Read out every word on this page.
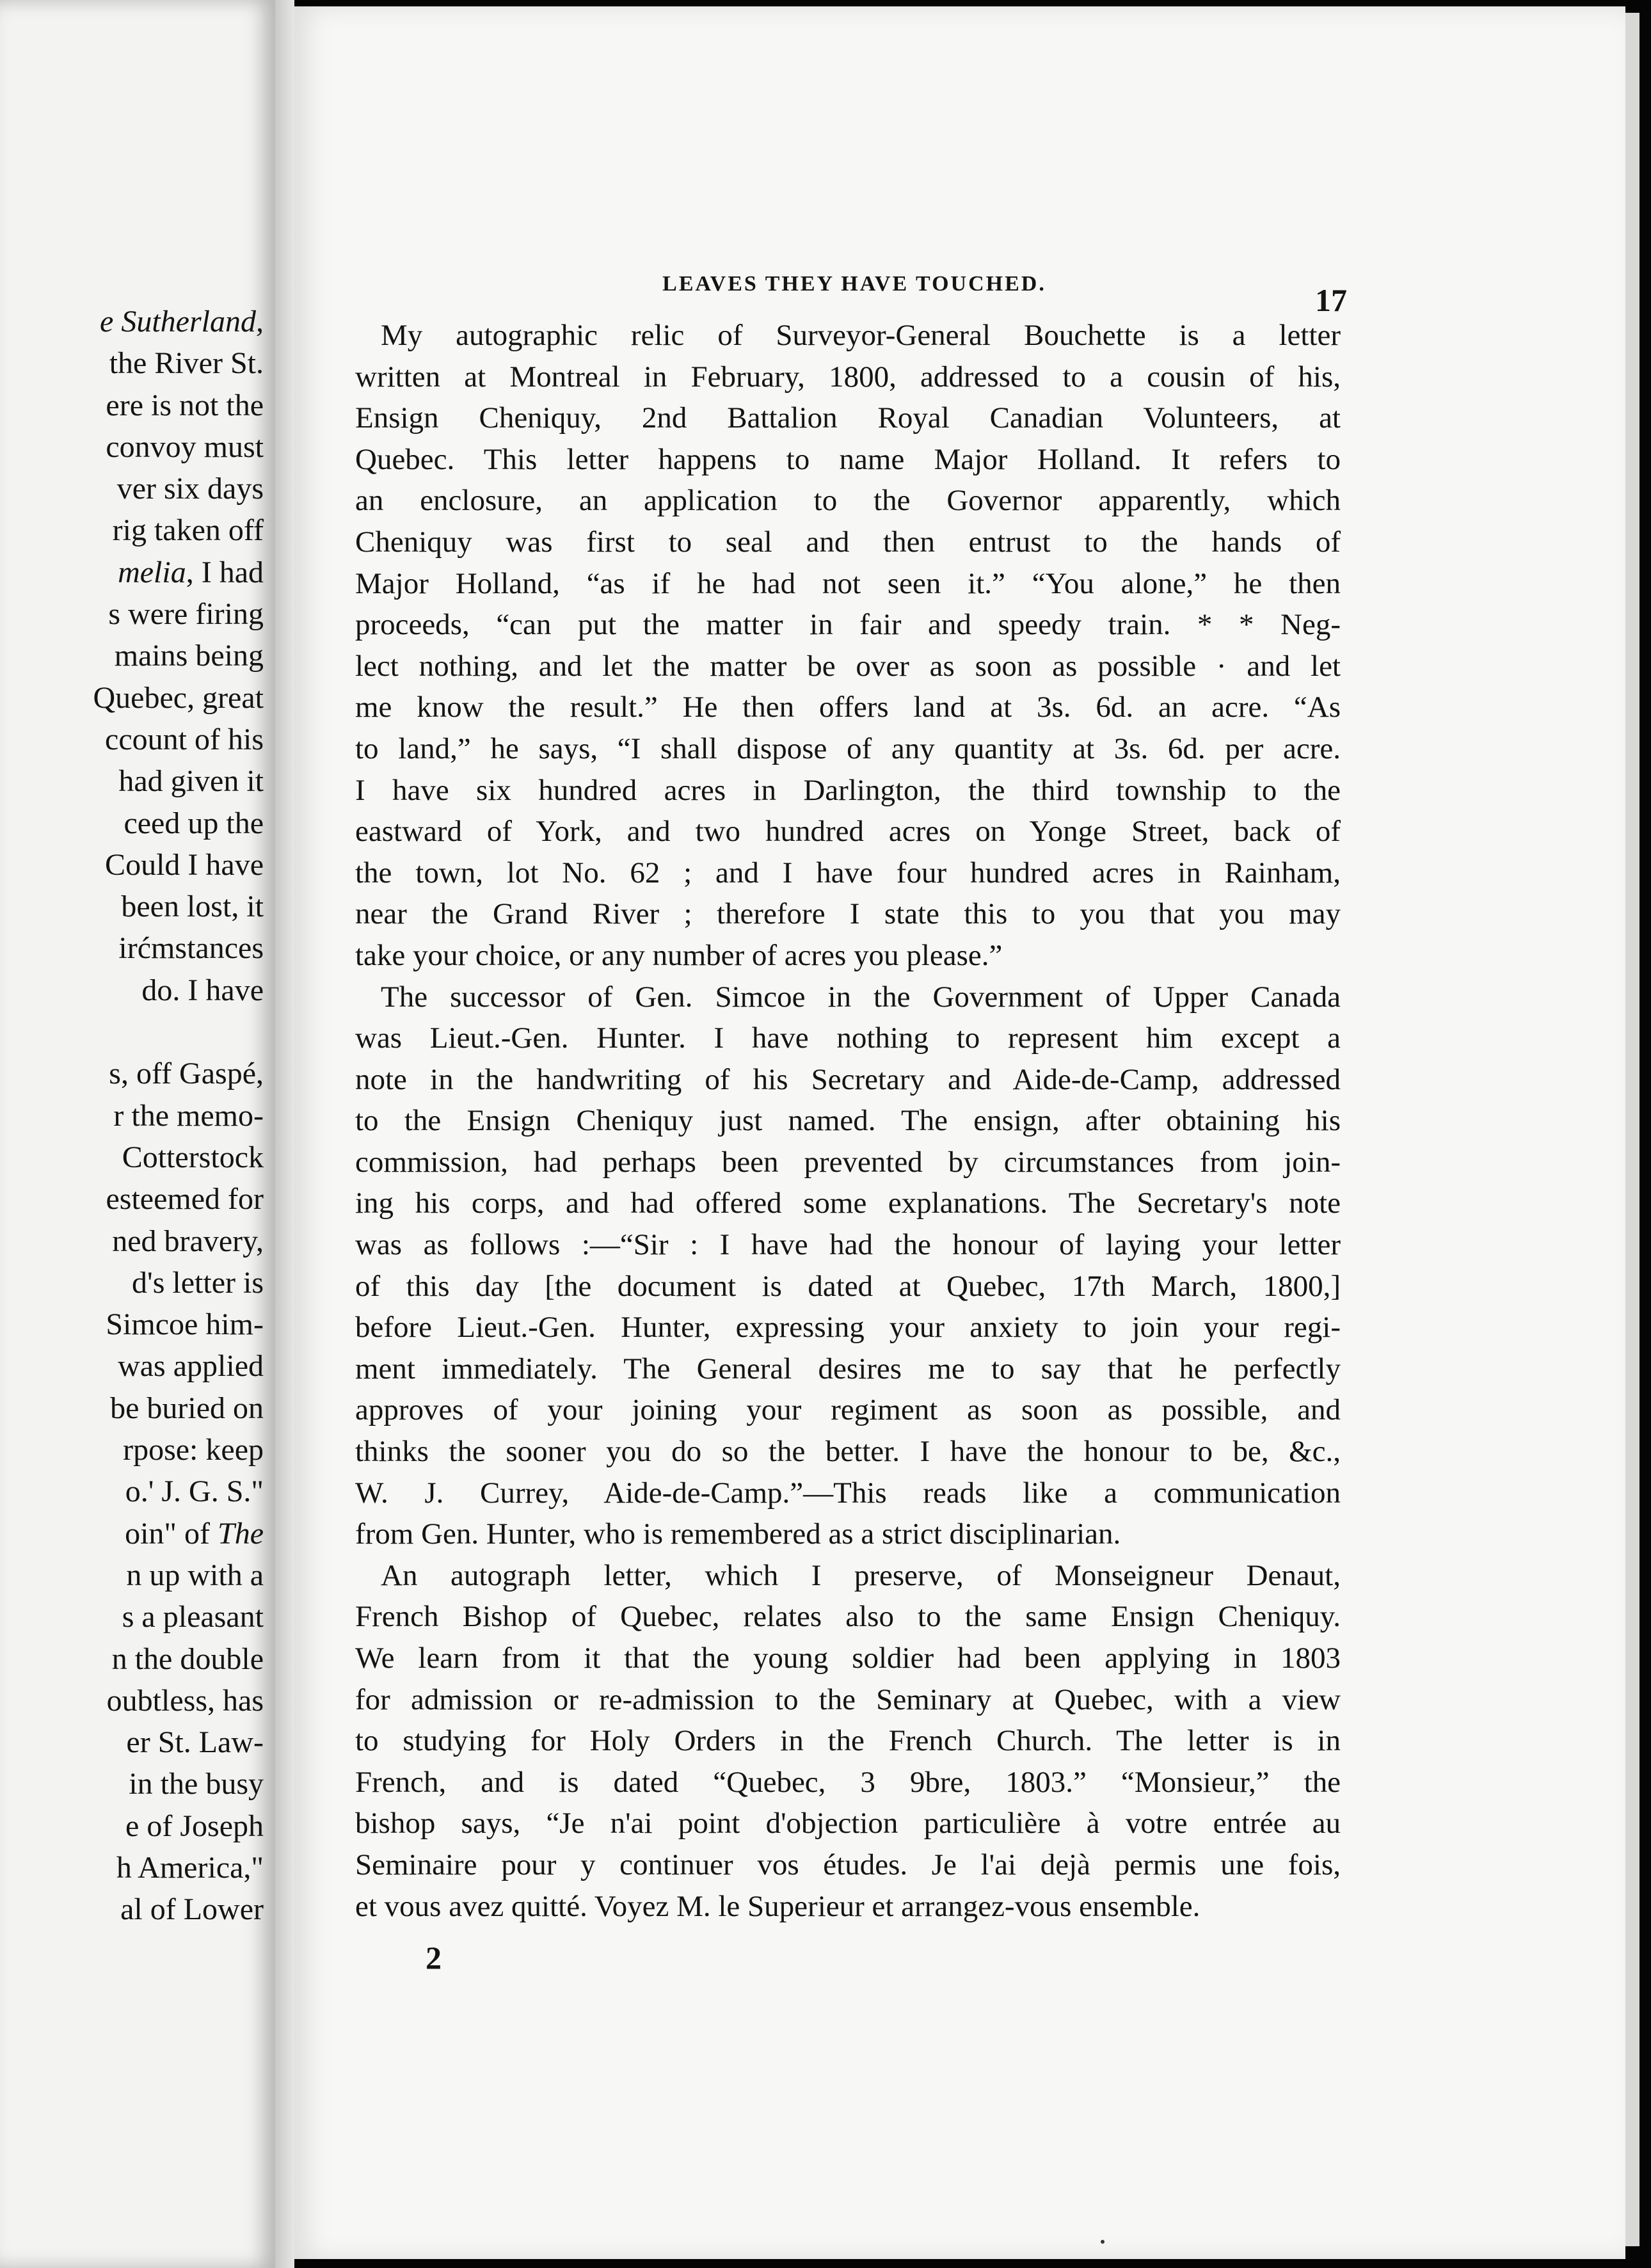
e Sutherland,
the River St.
ere is not the
convoy must
ver six days
rig taken off
melia, I had
s were firing
mains being
Quebec, great
ccount of his
had given it
ceed up the
Could I have
been lost, it
irćmstances
do. I have
s, off Gaspé,
r the memo-
Cotterstock
esteemed for
ned bravery,
d's letter is
Simcoe him-
was applied
be buried on
rpose: keep
o.' J. G. S."
oin" of The
n up with a
s a pleasant
n the double
oubtless, has
er St. Law-
in the busy
e of Joseph
h America,"
al of Lower
LEAVES THEY HAVE TOUCHED.	17

My autographic relic of Surveyor-General Bouchette is a letter
written at Montreal in February, 1800, addressed to a cousin of his,
Ensign Cheniquy, 2nd Battalion Royal Canadian Volunteers, at
Quebec. This letter happens to name Major Holland. It refers to
an enclosure, an application to the Governor apparently, which
Cheniquy was first to seal and then entrust to the hands of
Major Holland, “as if he had not seen it.” “You alone,” he then
proceeds, “can put the matter in fair and speedy train. * * Neg-
lect nothing, and let the matter be over as soon as possible · and let
me know the result.” He then offers land at 3s. 6d. an acre. “As
to land,” he says, “I shall dispose of any quantity at 3s. 6d. per acre.
I have six hundred acres in Darlington, the third township to the
eastward of York, and two hundred acres on Yonge Street, back of
the town, lot No. 62 ; and I have four hundred acres in Rainham,
near the Grand River ; therefore I state this to you that you may
take your choice, or any number of acres you please.”

The successor of Gen. Simcoe in the Government of Upper Canada
was Lieut.-Gen. Hunter. I have nothing to represent him except a
note in the handwriting of his Secretary and Aide-de-Camp, addressed
to the Ensign Cheniquy just named. The ensign, after obtaining his
commission, had perhaps been prevented by circumstances from join-
ing his corps, and had offered some explanations. The Secretary's note
was as follows :—“Sir : I have had the honour of laying your letter
of this day [the document is dated at Quebec, 17th March, 1800,]
before Lieut.-Gen. Hunter, expressing your anxiety to join your regi-
ment immediately. The General desires me to say that he perfectly
approves of your joining your regiment as soon as possible, and
thinks the sooner you do so the better. I have the honour to be, &c.,
W. J. Currey, Aide-de-Camp.”—This reads like a communication
from Gen. Hunter, who is remembered as a strict disciplinarian.

An autograph letter, which I preserve, of Monseigneur Denaut,
French Bishop of Quebec, relates also to the same Ensign Cheniquy.
We learn from it that the young soldier had been applying in 1803
for admission or re-admission to the Seminary at Quebec, with a view
to studying for Holy Orders in the French Church. The letter is in
French, and is dated “Quebec, 3 9bre, 1803.” “Monsieur,” the
bishop says, “Je n'ai point d'objection particulière à votre entrée au
Seminaire pour y continuer vos études. Je l'ai dejà permis une fois,
et vous avez quitté. Voyez M. le Superieur et arrangez-vous ensemble.

2
